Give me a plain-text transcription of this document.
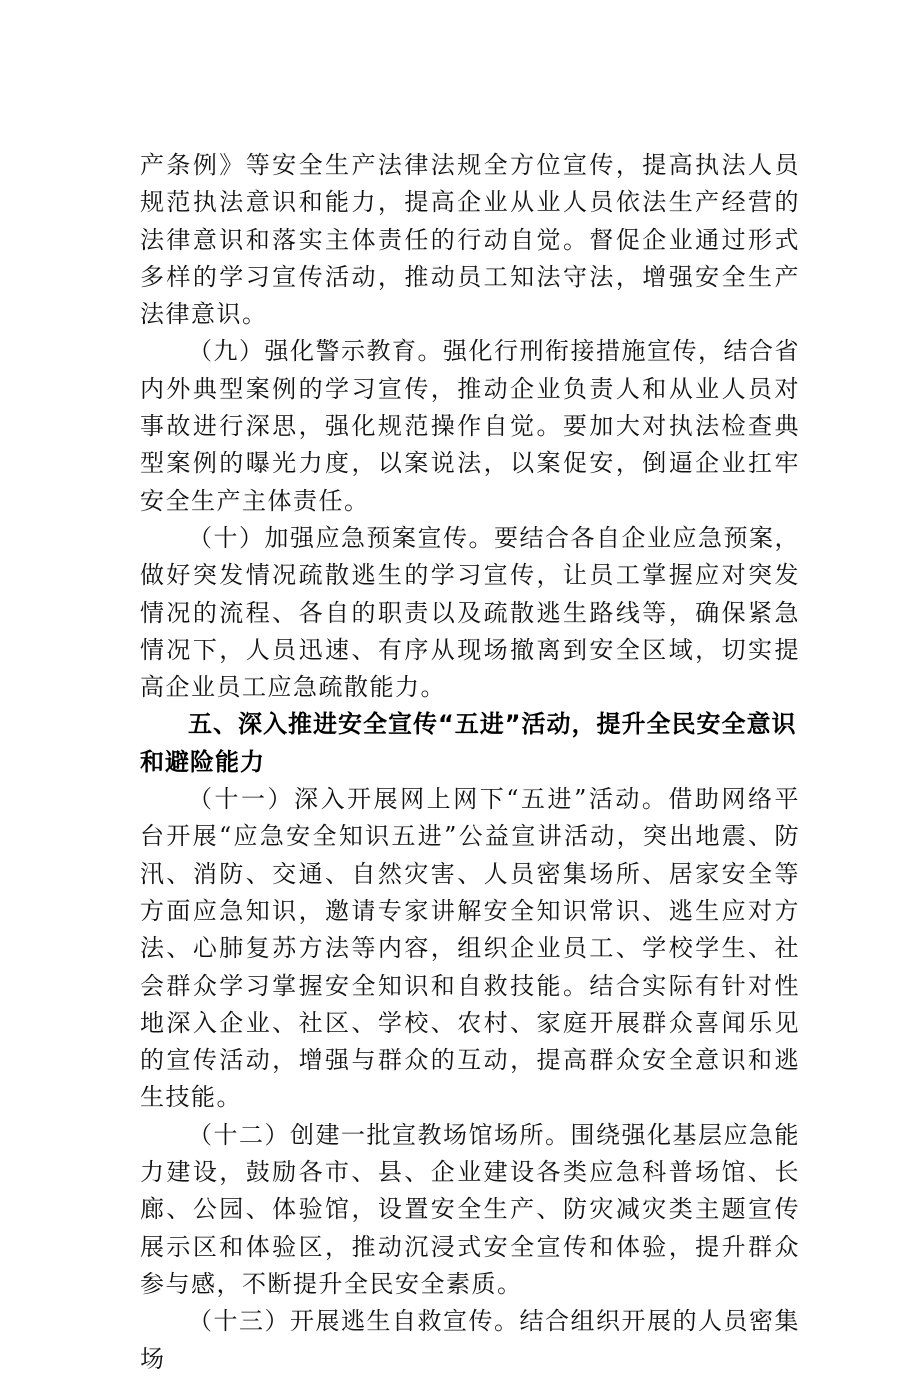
产条例》等安全生产法律法规全方位宣传，提高执法人员规范执法意识和能力，提高企业从业人员依法生产经营的法律意识和落实主体责任的行动自觉。督促企业通过形式多样的学习宣传活动，推动员工知法守法，增强安全生产法律意识。

（九）强化警示教育。强化行刑衔接措施宣传，结合省内外典型案例的学习宣传，推动企业负责人和从业人员对事故进行深思，强化规范操作自觉。要加大对执法检查典型案例的曝光力度，以案说法，以案促安，倒逼企业扛牢安全生产主体责任。

（十）加强应急预案宣传。要结合各自企业应急预案，做好突发情况疏散逃生的学习宣传，让员工掌握应对突发情况的流程、各自的职责以及疏散逃生路线等，确保紧急情况下，人员迅速、有序从现场撤离到安全区域，切实提高企业员工应急疏散能力。

五、深入推进安全宣传“五进”活动，提升全民安全意识和避险能力

（十一）深入开展网上网下“五进”活动。借助网络平台开展“应急安全知识五进”公益宣讲活动，突出地震、防汛、消防、交通、自然灾害、人员密集场所、居家安全等方面应急知识，邀请专家讲解安全知识常识、逃生应对方法、心肺复苏方法等内容，组织企业员工、学校学生、社会群众学习掌握安全知识和自救技能。结合实际有针对性地深入企业、社区、学校、农村、家庭开展群众喜闻乐见的宣传活动，增强与群众的互动，提高群众安全意识和逃生技能。

（十二）创建一批宣教场馆场所。围绕强化基层应急能力建设，鼓励各市、县、企业建设各类应急科普场馆、长廊、公园、体验馆，设置安全生产、防灾减灾类主题宣传展示区和体验区，推动沉浸式安全宣传和体验，提升群众参与感，不断提升全民安全素质。

（十三）开展逃生自救宣传。结合组织开展的人员密集场
